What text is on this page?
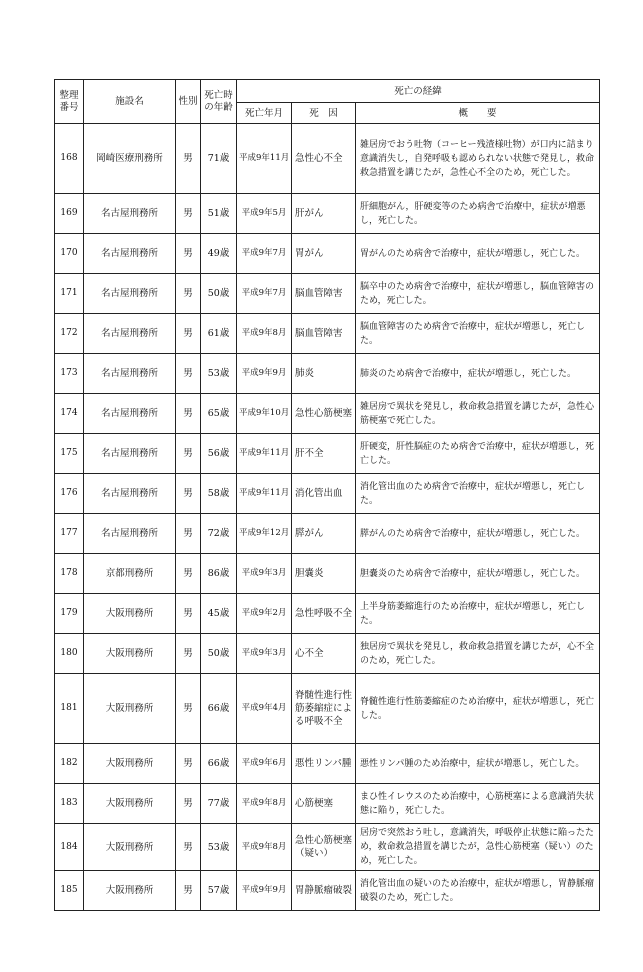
整理番号	施設名	性別	死亡時の年齢	死亡の経緯		
				死亡年月	死　因	概　　要
168	岡崎医療刑務所	男	71歳	平成9年11月	急性心不全	雑居房でおう吐物（コーヒー残渣様吐物）が口内に詰まり意識消失し，自発呼吸も認められない状態で発見し，救命救急措置を講じたが，急性心不全のため，死亡した。
169	名古屋刑務所	男	51歳	平成9年5月	肝がん	肝細胞がん，肝硬変等のため病舎で治療中，症状が増悪し，死亡した。
170	名古屋刑務所	男	49歳	平成9年7月	胃がん	胃がんのため病舎で治療中，症状が増悪し，死亡した。
171	名古屋刑務所	男	50歳	平成9年7月	脳血管障害	脳卒中のため病舎で治療中，症状が増悪し，脳血管障害のため，死亡した。
172	名古屋刑務所	男	61歳	平成9年8月	脳血管障害	脳血管障害のため病舎で治療中，症状が増悪し，死亡した。
173	名古屋刑務所	男	53歳	平成9年9月	肺炎	肺炎のため病舎で治療中，症状が増悪し，死亡した。
174	名古屋刑務所	男	65歳	平成9年10月	急性心筋梗塞	雑居房で異状を発見し，救命救急措置を講じたが，急性心筋梗塞で死亡した。
175	名古屋刑務所	男	56歳	平成9年11月	肝不全	肝硬変，肝性脳症のため病舎で治療中，症状が増悪し，死亡した。
176	名古屋刑務所	男	58歳	平成9年11月	消化管出血	消化管出血のため病舎で治療中，症状が増悪し，死亡した。
177	名古屋刑務所	男	72歳	平成9年12月	膵がん	膵がんのため病舎で治療中，症状が増悪し，死亡した。
178	京都刑務所	男	86歳	平成9年3月	胆嚢炎	胆嚢炎のため病舎で治療中，症状が増悪し，死亡した。
179	大阪刑務所	男	45歳	平成9年2月	急性呼吸不全	上半身筋萎縮進行のため治療中，症状が増悪し，死亡した。
180	大阪刑務所	男	50歳	平成9年3月	心不全	独居房で異状を発見し，救命救急措置を講じたが，心不全のため，死亡した。
181	大阪刑務所	男	66歳	平成9年4月	脊髄性進行性筋萎縮症による呼吸不全	脊髄性進行性筋萎縮症のため治療中，症状が増悪し，死亡した。
182	大阪刑務所	男	66歳	平成9年6月	悪性リンパ腫	悪性リンパ腫のため治療中，症状が増悪し，死亡した。
183	大阪刑務所	男	77歳	平成9年8月	心筋梗塞	まひ性イレウスのため治療中，心筋梗塞による意識消失状態に陥り，死亡した。
184	大阪刑務所	男	53歳	平成9年8月	急性心筋梗塞（疑い）	居房で突然おう吐し，意識消失，呼吸停止状態に陥ったため，救命救急措置を講じたが，急性心筋梗塞（疑い）のため，死亡した。
185	大阪刑務所	男	57歳	平成9年9月	胃静脈瘤破裂	消化管出血の疑いのため治療中，症状が増悪し，胃静脈瘤破裂のため，死亡した。
